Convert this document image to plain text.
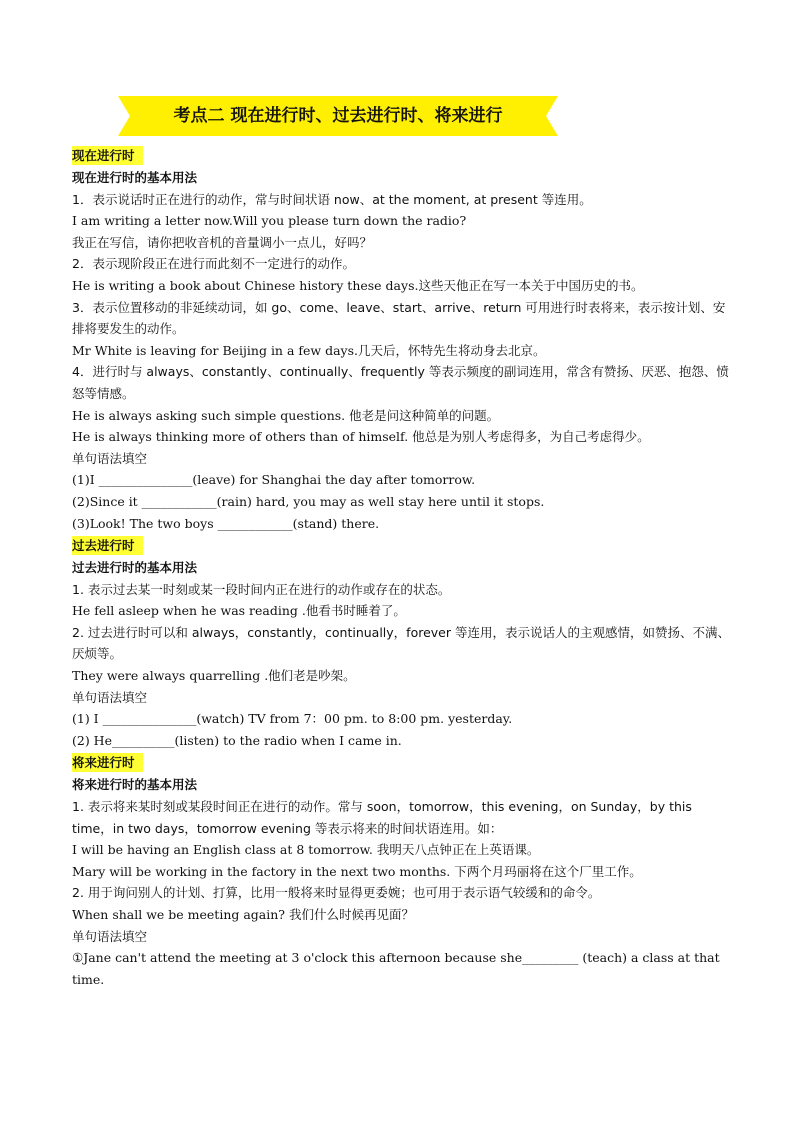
考点二 现在进行时、过去进行时、将来进行
现在进行时
现在进行时的基本用法
1．表示说话时正在进行的动作，常与时间状语 now、at the moment, at present 等连用。
I am writing a letter now.Will you please turn down the radio?
我正在写信，请你把收音机的音量调小一点儿，好吗？
2．表示现阶段正在进行而此刻不一定进行的动作。
He is writing a book about Chinese history these days.这些天他正在写一本关于中国历史的书。
3．表示位置移动的非延续动词，如 go、come、leave、start、arrive、return 可用进行时表将来，表示按计划、安排将要发生的动作。
Mr White is leaving for Beijing in a few days.几天后，怀特先生将动身去北京。
4．进行时与 always、constantly、continually、frequently 等表示频度的副词连用，常含有赞扬、厌恶、抱怨、愤怒等情感。
He is always asking such simple questions. 他老是问这种简单的问题。
He is always thinking more of others than of himself. 他总是为别人考虑得多，为自己考虑得少。
单句语法填空
(1)I _______________(leave) for Shanghai the day after tomorrow.
(2)Since it ____________(rain) hard, you may as well stay here until it stops.
(3)Look! The two boys ____________(stand) there.
过去进行时
过去进行时的基本用法
1. 表示过去某一时刻或某一段时间内正在进行的动作或存在的状态。
He fell asleep when he was reading .他看书时睡着了。
2. 过去进行时可以和 always，constantly，continually，forever 等连用，表示说话人的主观感情，如赞扬、不满、厌烦等。
They were always quarrelling .他们老是吵架。
单句语法填空
(1) I _______________(watch) TV from 7：00 pm. to 8:00 pm. yesterday.
(2) He__________(listen) to the radio when I came in.
将来进行时
将来进行时的基本用法
1. 表示将来某时刻或某段时间正在进行的动作。常与 soon，tomorrow，this evening，on Sunday，by this time，in two days，tomorrow evening 等表示将来的时间状语连用。如：
I will be having an English class at 8 tomorrow. 我明天八点钟正在上英语课。
Mary will be working in the factory in the next two months. 下两个月玛丽将在这个厂里工作。
2. 用于询问别人的计划、打算，比用一般将来时显得更委婉；也可用于表示语气较缓和的命令。
When shall we be meeting again? 我们什么时候再见面？
单句语法填空
①Jane can't attend the meeting at 3 o'clock this afternoon because she_________ (teach) a class at that time.
